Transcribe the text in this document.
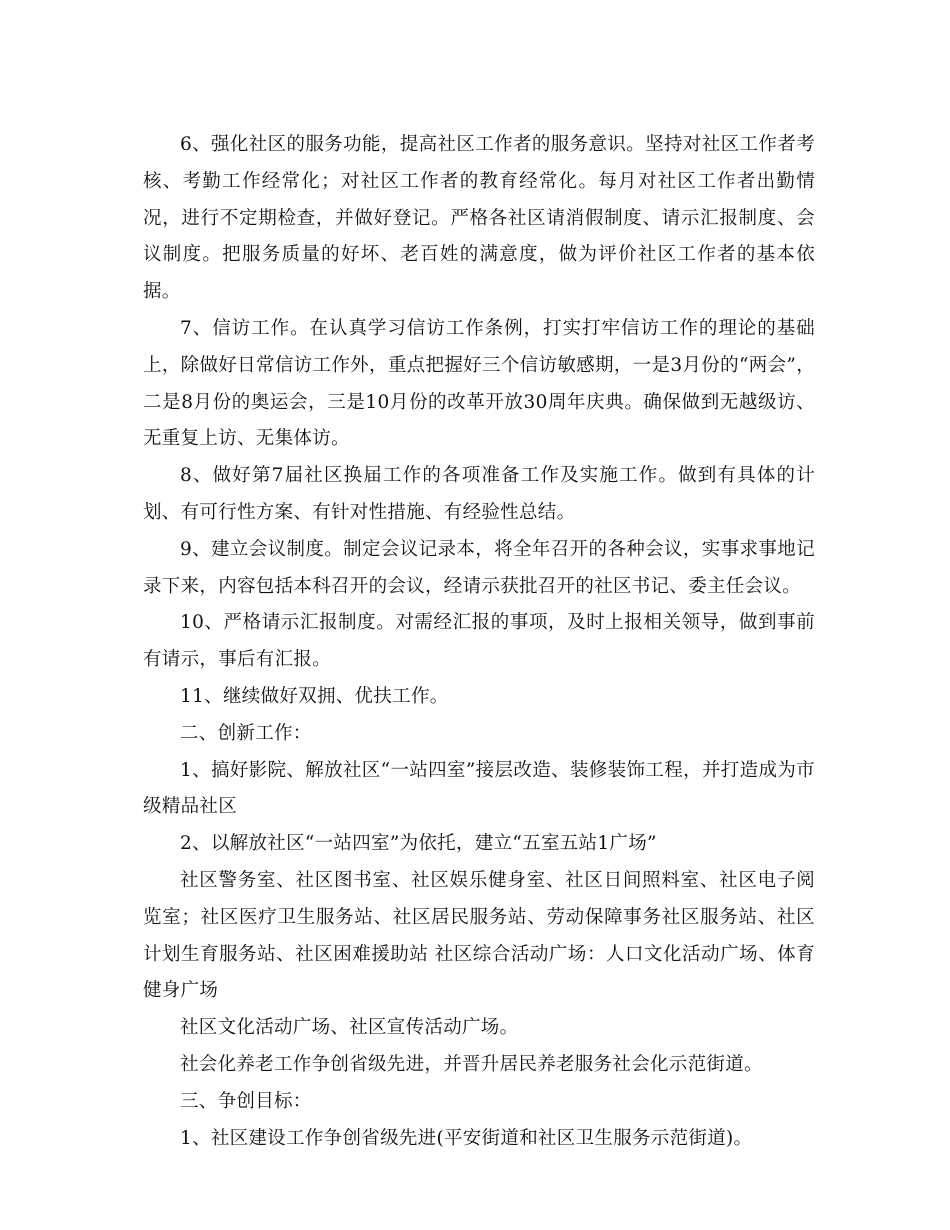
6、强化社区的服务功能，提高社区工作者的服务意识。坚持对社区工作者考核、考勤工作经常化；对社区工作者的教育经常化。每月对社区工作者出勤情况，进行不定期检查，并做好登记。严格各社区请消假制度、请示汇报制度、会议制度。把服务质量的好坏、老百姓的满意度，做为评价社区工作者的基本依据。

7、信访工作。在认真学习信访工作条例，打实打牢信访工作的理论的基础上，除做好日常信访工作外，重点把握好三个信访敏感期，一是3月份的“两会”，二是8月份的奥运会，三是10月份的改革开放30周年庆典。确保做到无越级访、无重复上访、无集体访。

8、做好第7届社区换届工作的各项准备工作及实施工作。做到有具体的计划、有可行性方案、有针对性措施、有经验性总结。

9、建立会议制度。制定会议记录本，将全年召开的各种会议，实事求事地记录下来，内容包括本科召开的会议，经请示获批召开的社区书记、委主任会议。

10、严格请示汇报制度。对需经汇报的事项，及时上报相关领导，做到事前有请示，事后有汇报。

11、继续做好双拥、优扶工作。

二、创新工作：

1、搞好影院、解放社区“一站四室”接层改造、装修装饰工程，并打造成为市级精品社区

2、以解放社区“一站四室”为依托，建立“五室五站1广场”

社区警务室、社区图书室、社区娱乐健身室、社区日间照料室、社区电子阅览室；社区医疗卫生服务站、社区居民服务站、劳动保障事务社区服务站、社区计划生育服务站、社区困难援助站 社区综合活动广场：人口文化活动广场、体育健身广场

社区文化活动广场、社区宣传活动广场。

社会化养老工作争创省级先进，并晋升居民养老服务社会化示范街道。

三、争创目标：

1、社区建设工作争创省级先进(平安街道和社区卫生服务示范街道)。
